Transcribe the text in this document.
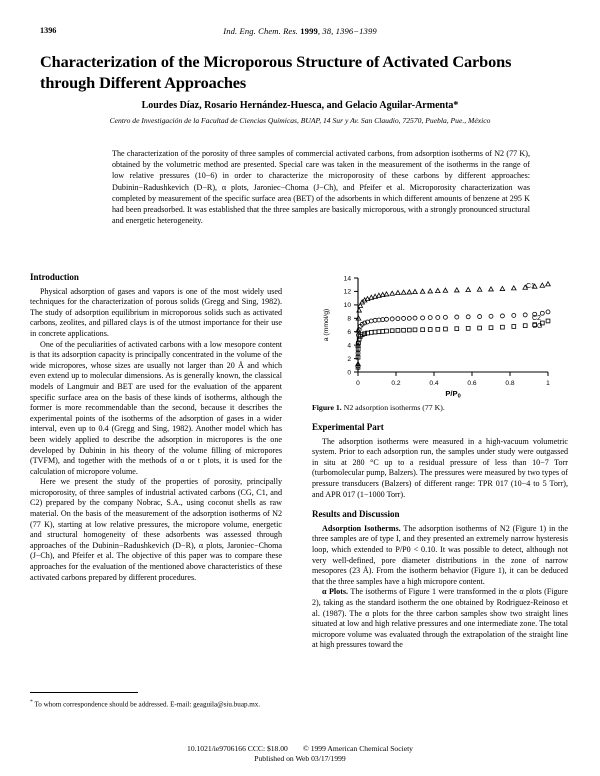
1396	Ind. Eng. Chem. Res. 1999, 38, 1396−1399
Characterization of the Microporous Structure of Activated Carbons through Different Approaches
Lourdes Díaz, Rosario Hernández-Huesca, and Gelacio Aguilar-Armenta*
Centro de Investigación de la Facultad de Ciencias Químicas, BUAP, 14 Sur y Av. San Claudio, 72570, Puebla, Pue., México

The characterization of the porosity of three samples of commercial activated carbons, from adsorption isotherms of N2 (77 K), obtained by the volumetric method are presented. Special care was taken in the measurement of the isotherms in the range of low relative pressures (10−6) in order to characterize the microporosity of these carbons by different approaches: Dubinin−Radushkevich (D−R), α plots, Jaroniec−Choma (J−Ch), and Pfeifer et al. Microporosity characterization was completed by measurement of the specific surface area (BET) of the adsorbents in which different amounts of benzene at 295 K had been preadsorbed. It was established that the three samples are basically microporous, with a strongly pronounced structural and energetic heterogeneity.

Introduction

Physical adsorption of gases and vapors is one of the most widely used techniques for the characterization of porous solids (Gregg and Sing, 1982). The study of adsorption equilibrium in microporous solids such as activated carbons, zeolites, and pillared clays is of the utmost importance for their use in concrete applications.

One of the peculiarities of activated carbons with a low mesopore content is that its adsorption capacity is principally concentrated in the volume of the wide micropores, whose sizes are usually not larger than 20 Å and which even extend up to molecular dimensions. As is generally known, the classical models of Langmuir and BET are used for the evaluation of the apparent specific surface area on the basis of these kinds of isotherms, although the former is more recommendable than the second, because it describes the experimental points of the isotherms of the adsorption of gases in a wider interval, even up to 0.4 (Gregg and Sing, 1982). Another model which has been widely applied to describe the adsorption in micropores is the one developed by Dubinin in his theory of the volume filling of micropores (TVFM), and together with the methods of α or t plots, it is used for the calculation of micropore volume.

Here we present the study of the properties of porosity, principally microporosity, of three samples of industrial activated carbons (CG, C1, and C2) prepared by the company Nobrac, S.A., using coconut shells as raw material. On the basis of the measurement of the adsorption isotherms of N2 (77 K), starting at low relative pressures, the micropore volume, energetic and structural homogeneity of these adsorbents was assessed through approaches of the Dubinin−Radushkevich (D−R), α plots, Jaroniec−Choma (J−Ch), and Pfeifer et al. The objective of this paper was to compare these approaches for the evaluation of the mentioned above characteristics of these activated carbons prepared by different procedures.

* To whom correspondence should be addressed. E-mail: geaguila@siu.buap.mx.
0
2
4
6
8
10
12
14
0	0.2	0.4	0.6	0.8	1
$P/P_0$
a (mmol/g)
C1
C2
CG
Figure 1. N2 adsorption isotherms (77 K).
Experimental Part

The adsorption isotherms were measured in a high-vacuum volumetric system. Prior to each adsorption run, the samples under study were outgassed in situ at 280 °C up to a residual pressure of less than 10−7 Torr (turbomolecular pump, Balzers). The pressures were measured by two types of pressure transducers (Balzers) of different range: TPR 017 (10−4 to 5 Torr), and APR 017 (1−1000 Torr).

Results and Discussion

Adsorption Isotherms. The adsorption isotherms of N2 (Figure 1) in the three samples are of type I, and they presented an extremely narrow hysteresis loop, which extended to P/P0 < 0.10. It was possible to detect, although not very well-defined, pore diameter distributions in the zone of narrow mesopores (23 Å). From the isotherm behavior (Figure 1), it can be deduced that the three samples have a high micropore content.

α Plots. The isotherms of Figure 1 were transformed in the α plots (Figure 2), taking as the standard isotherm the one obtained by Rodriguez-Reinoso et al. (1987). The α plots for the three carbon samples show two straight lines situated at low and high relative pressures and one intermediate zone. The total micropore volume was evaluated through the extrapolation of the straight line at high pressures toward the

10.1021/ie9706166 CCC: $18.00  © 1999 American Chemical Society
Published on Web 03/17/1999
